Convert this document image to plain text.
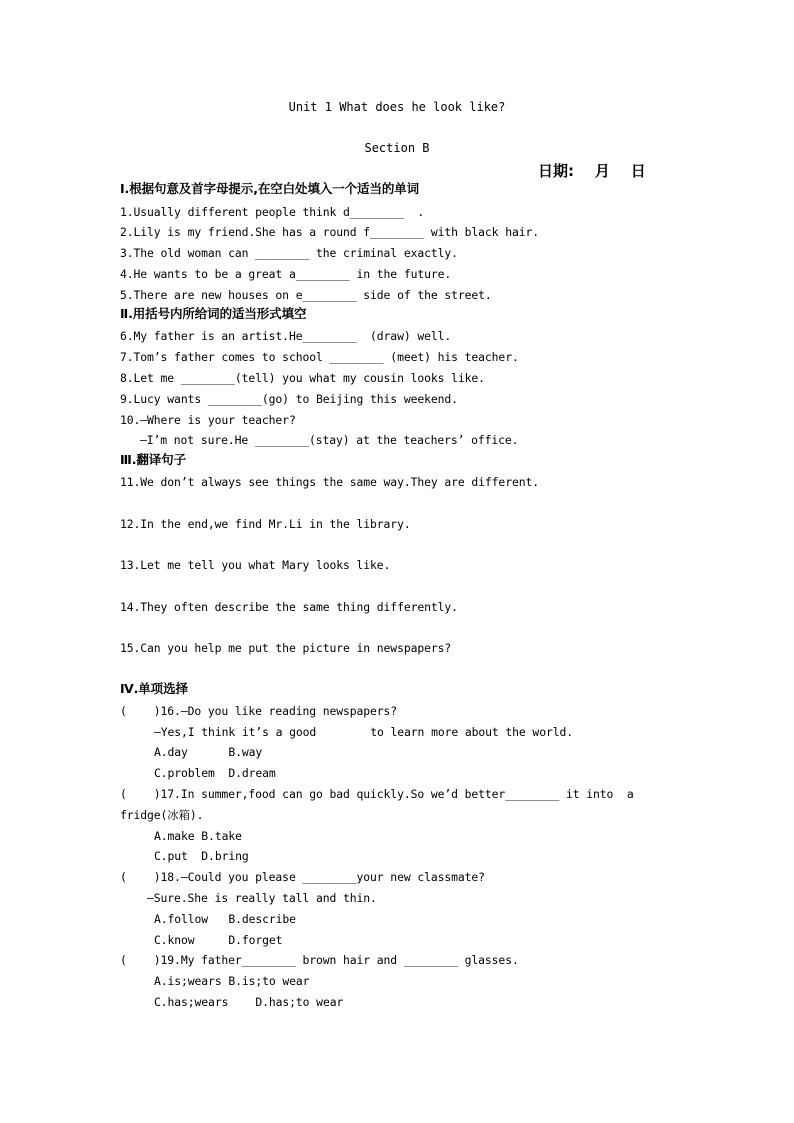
Unit 1 What does he look like?
Section B
日期:    月    日
Ⅰ.根据句意及首字母提示,在空白处填入一个适当的单词
1.Usually different people think d________  .
2.Lily is my friend.She has a round f________ with black hair.
3.The old woman can ________ the criminal exactly.
4.He wants to be a great a________ in the future.
5.There are new houses on e________ side of the street.
Ⅱ.用括号内所给词的适当形式填空
6.My father is an artist.He________  (draw) well.
7.Tom’s father comes to school ________ (meet) his teacher.
8.Let me ________(tell) you what my cousin looks like.
9.Lucy wants ________(go) to Beijing this weekend.
10.—Where is your teacher?
—I’m not sure.He ________(stay) at the teachers’ office.
Ⅲ.翻译句子
11.We don’t always see things the same way.They are different.
12.In the end,we find Mr.Li in the library.
13.Let me tell you what Mary looks like.
14.They often describe the same thing differently.
15.Can you help me put the picture in newspapers?
Ⅳ.单项选择
(    )16.—Do you like reading newspapers?
—Yes,I think it’s a good        to learn more about the world.
A.day      B.way
C.problem  D.dream
(    )17.In summer,food can go bad quickly.So we’d better________ it into  a
fridge(冰箱).
A.make B.take
C.put  D.bring
(    )18.—Could you please ________your new classmate?
—Sure.She is really tall and thin.
A.follow   B.describe
C.know     D.forget
(    )19.My father________ brown hair and ________ glasses.
A.is;wears B.is;to wear
C.has;wears    D.has;to wear
